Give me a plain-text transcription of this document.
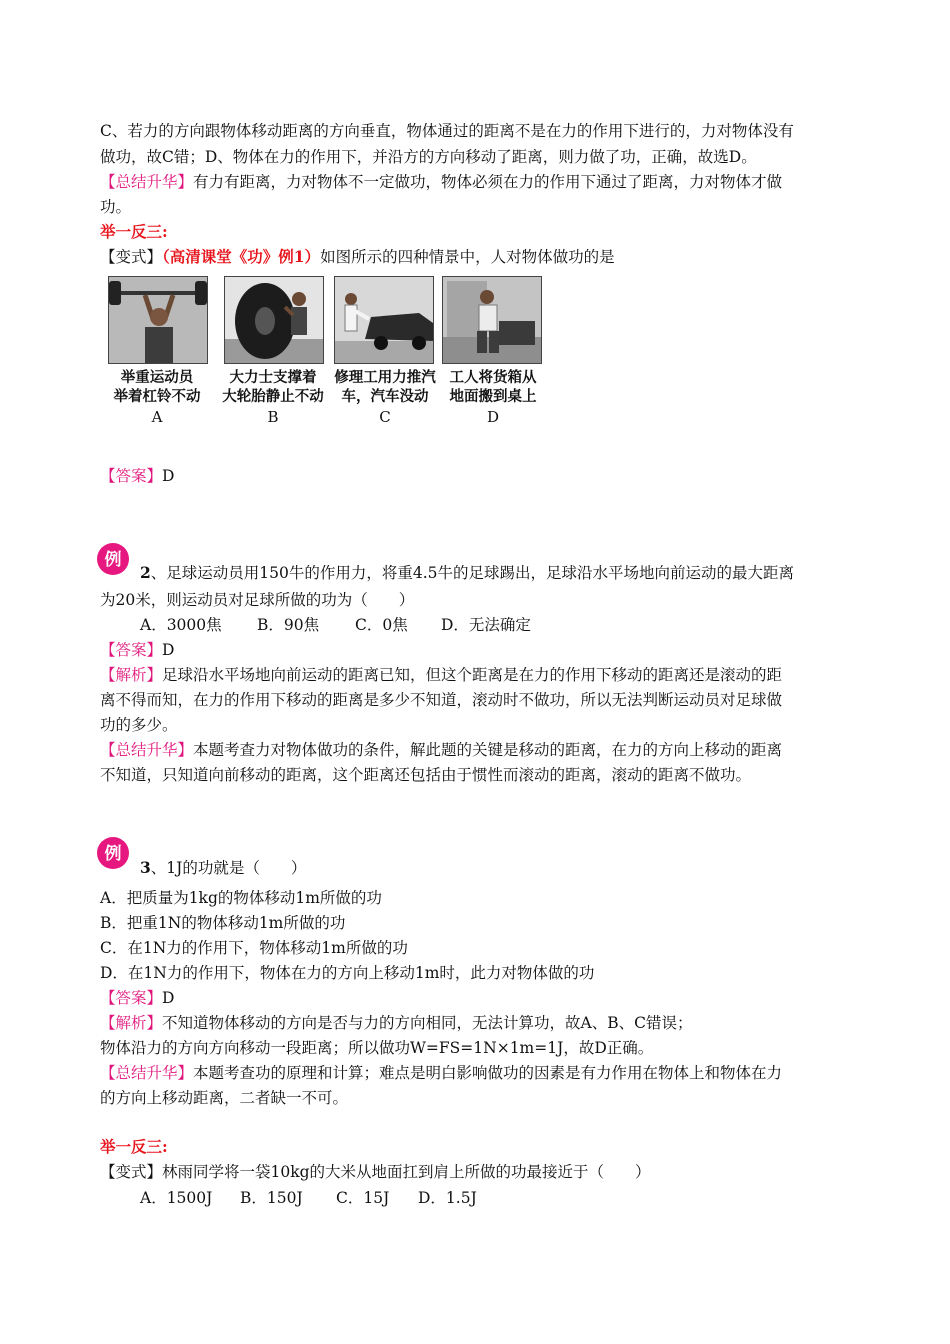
C、若力的方向跟物体移动距离的方向垂直，物体通过的距离不是在力的作用下进行的，力对物体没有
做功，故C错；D、物体在力的作用下，并沿方的方向移动了距离，则力做了功，正确，故选D。
【总结升华】有力有距离，力对物体不一定做功，物体必须在力的作用下通过了距离，力对物体才做
功。
举一反三:
【变式】（高清课堂《功》例1）如图所示的四种情景中，人对物体做功的是
举重运动员
举着杠铃不动
大力士支撑着
大轮胎静止不动
修理工用力推汽
车，汽车没动
工人将货箱从
地面搬到桌上
A	B	C	D
【答案】D
例
2、足球运动员用150牛的作用力，将重4.5牛的足球踢出，足球沿水平场地向前运动的最大距离
为20米，则运动员对足球所做的功为（　　）
A．3000焦 B．90焦 C．0焦 D．无法确定
【答案】D
【解析】足球沿水平场地向前运动的距离已知，但这个距离是在力的作用下移动的距离还是滚动的距
离不得而知，在力的作用下移动的距离是多少不知道，滚动时不做功，所以无法判断运动员对足球做
功的多少。
【总结升华】本题考查力对物体做功的条件，解此题的关键是移动的距离，在力的方向上移动的距离
不知道，只知道向前移动的距离，这个距离还包括由于惯性而滚动的距离，滚动的距离不做功。
例
3、1J的功就是（　　）
A．把质量为1kg的物体移动1m所做的功
B．把重1N的物体移动1m所做的功
C．在1N力的作用下，物体移动1m所做的功
D．在1N力的作用下，物体在力的方向上移动1m时，此力对物体做的功
【答案】D
【解析】不知道物体移动的方向是否与力的方向相同，无法计算功，故A、B、C错误；
物体沿力的方向方向移动一段距离；所以做功W=FS=1N×1m=1J，故D正确。
【总结升华】本题考查功的原理和计算；难点是明白影响做功的因素是有力作用在物体上和物体在力
的方向上移动距离，二者缺一不可。
举一反三:
【变式】林雨同学将一袋10kg的大米从地面扛到肩上所做的功最接近于（　　）
A．1500J B．150J C．15J D．1.5J
